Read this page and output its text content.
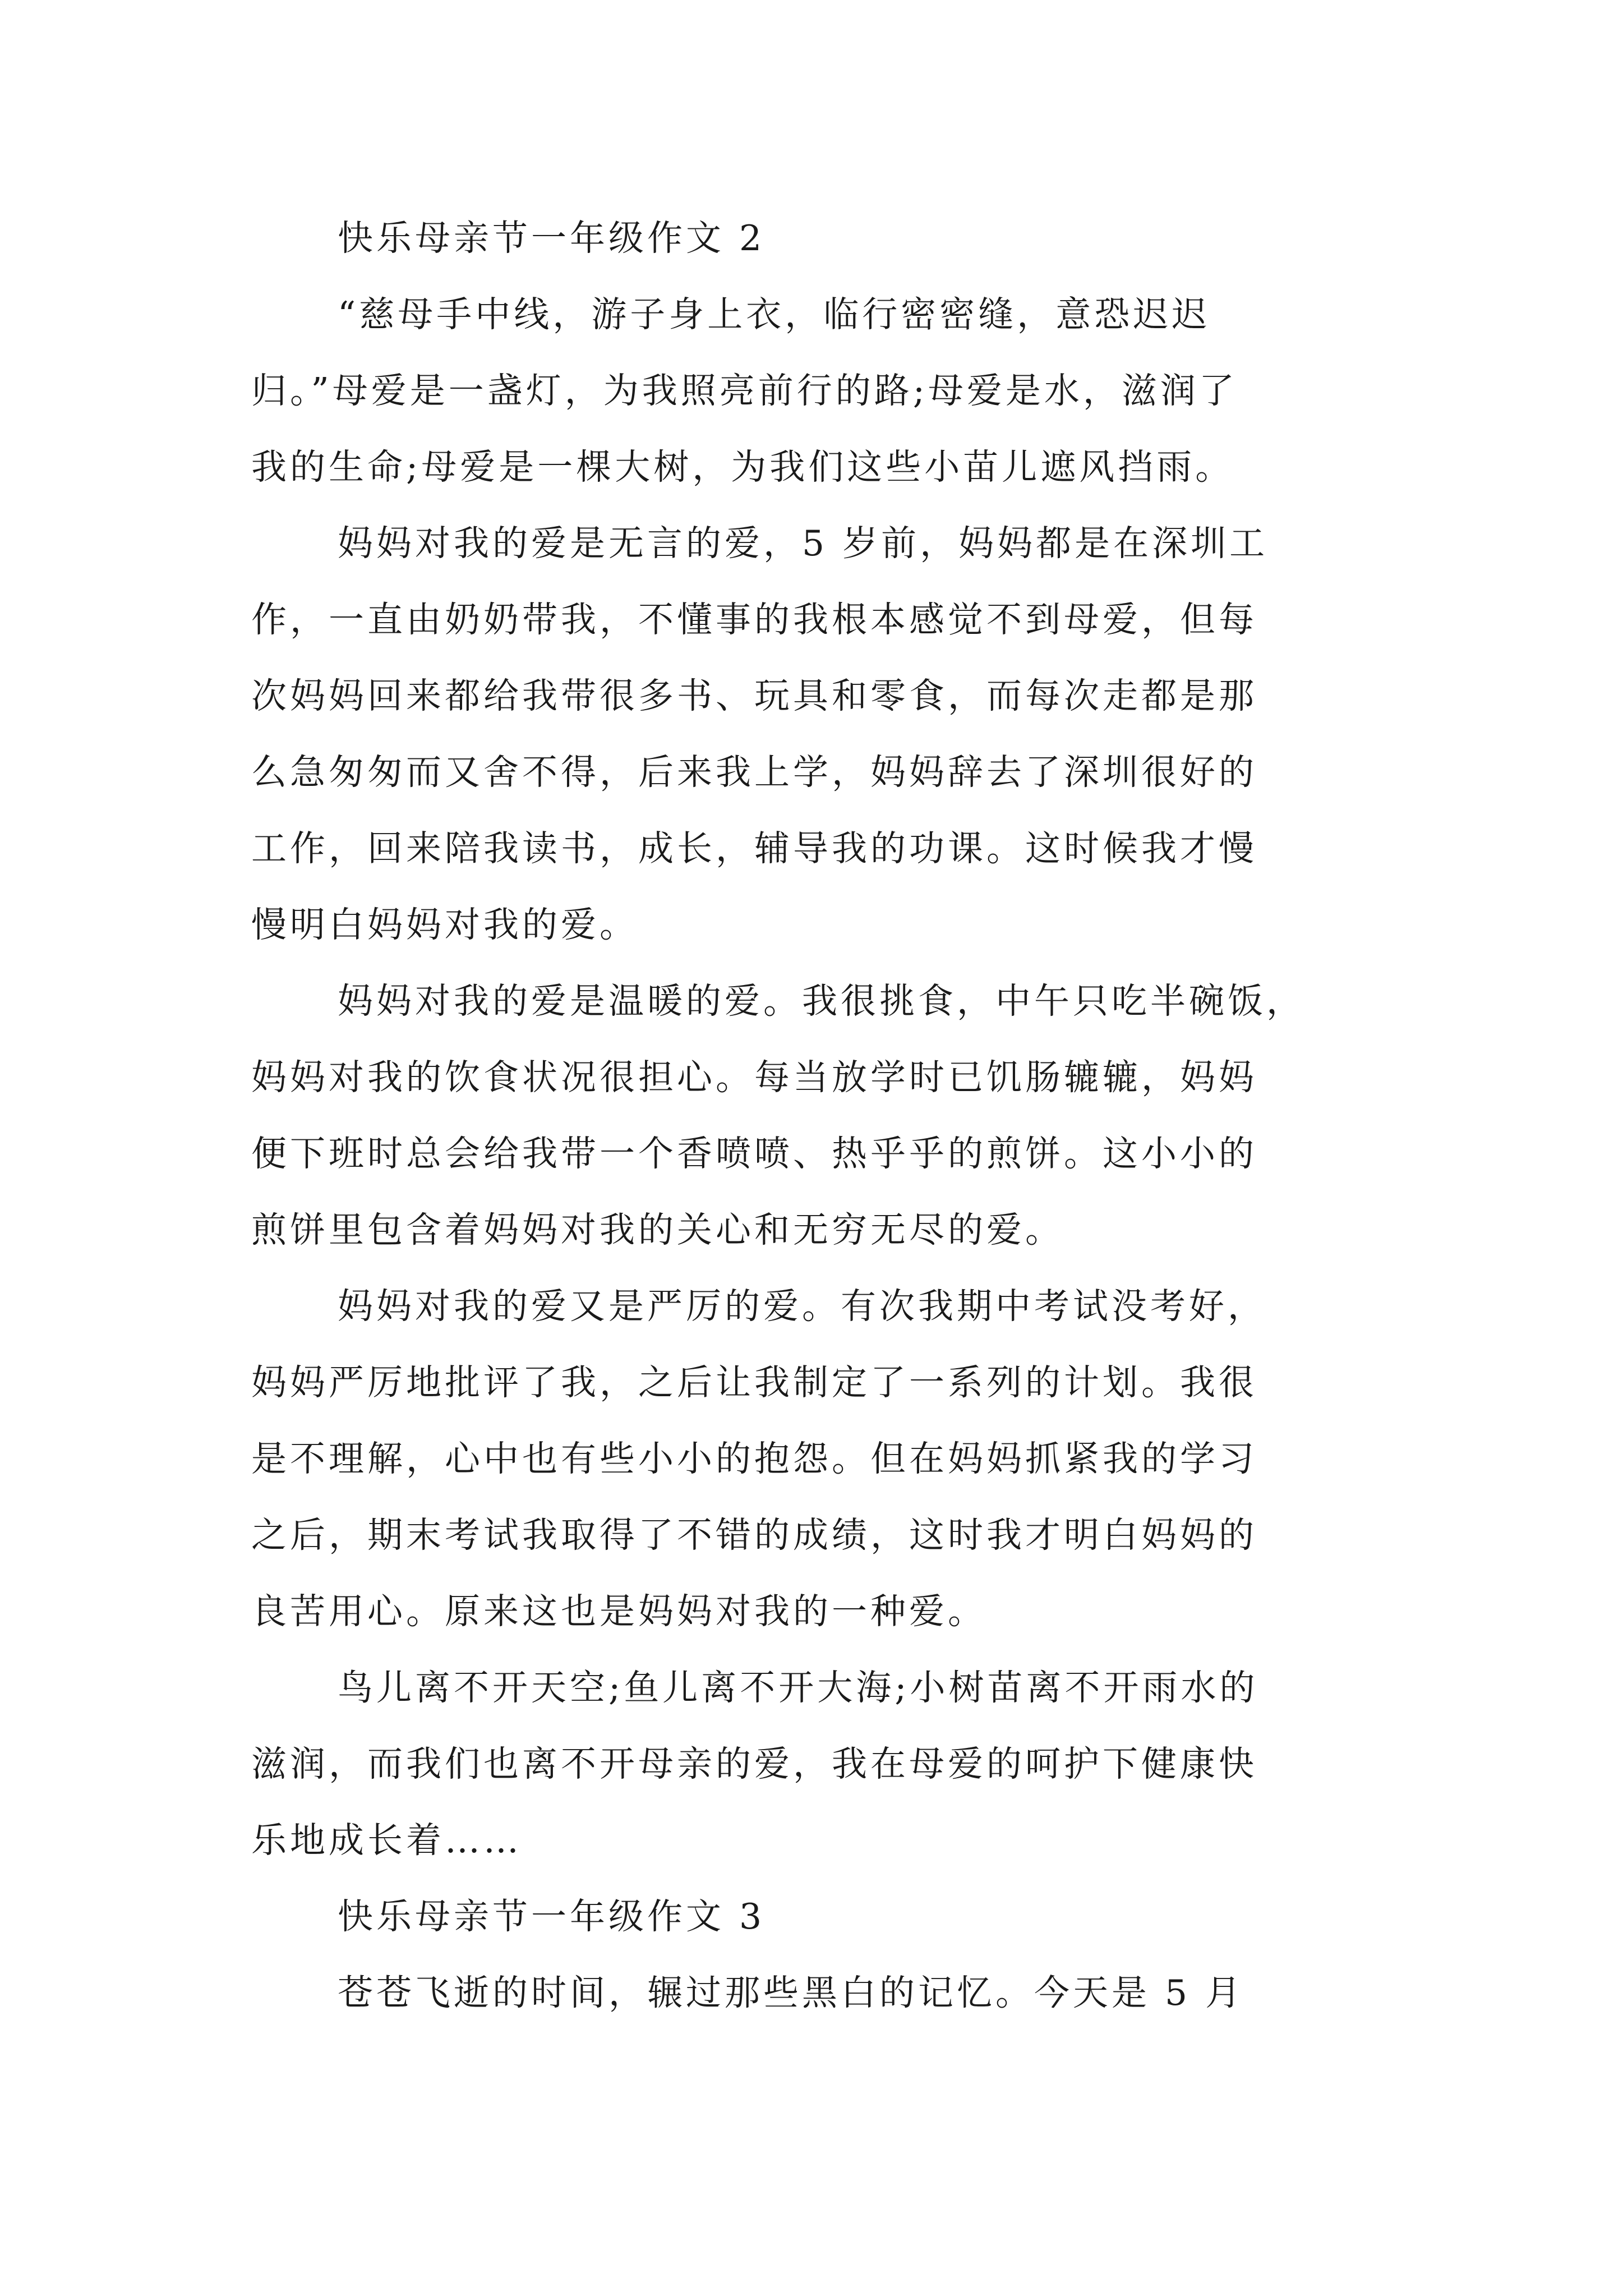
快乐母亲节一年级作文 2
“慈母手中线，游子身上衣，临行密密缝，意恐迟迟
归。”母爱是一盏灯，为我照亮前行的路;母爱是水，滋润了
我的生命;母爱是一棵大树，为我们这些小苗儿遮风挡雨。
妈妈对我的爱是无言的爱，5 岁前，妈妈都是在深圳工
作，一直由奶奶带我，不懂事的我根本感觉不到母爱，但每
次妈妈回来都给我带很多书、玩具和零食，而每次走都是那
么急匆匆而又舍不得，后来我上学，妈妈辞去了深圳很好的
工作，回来陪我读书，成长，辅导我的功课。这时候我才慢
慢明白妈妈对我的爱。
妈妈对我的爱是温暖的爱。我很挑食，中午只吃半碗饭，
妈妈对我的饮食状况很担心。每当放学时已饥肠辘辘，妈妈
便下班时总会给我带一个香喷喷、热乎乎的煎饼。这小小的
煎饼里包含着妈妈对我的关心和无穷无尽的爱。
妈妈对我的爱又是严厉的爱。有次我期中考试没考好，
妈妈严厉地批评了我，之后让我制定了一系列的计划。我很
是不理解，心中也有些小小的抱怨。但在妈妈抓紧我的学习
之后，期末考试我取得了不错的成绩，这时我才明白妈妈的
良苦用心。原来这也是妈妈对我的一种爱。
鸟儿离不开天空;鱼儿离不开大海;小树苗离不开雨水的
滋润，而我们也离不开母亲的爱，我在母爱的呵护下健康快
乐地成长着……
快乐母亲节一年级作文 3
苍苍飞逝的时间，辗过那些黑白的记忆。今天是 5 月
